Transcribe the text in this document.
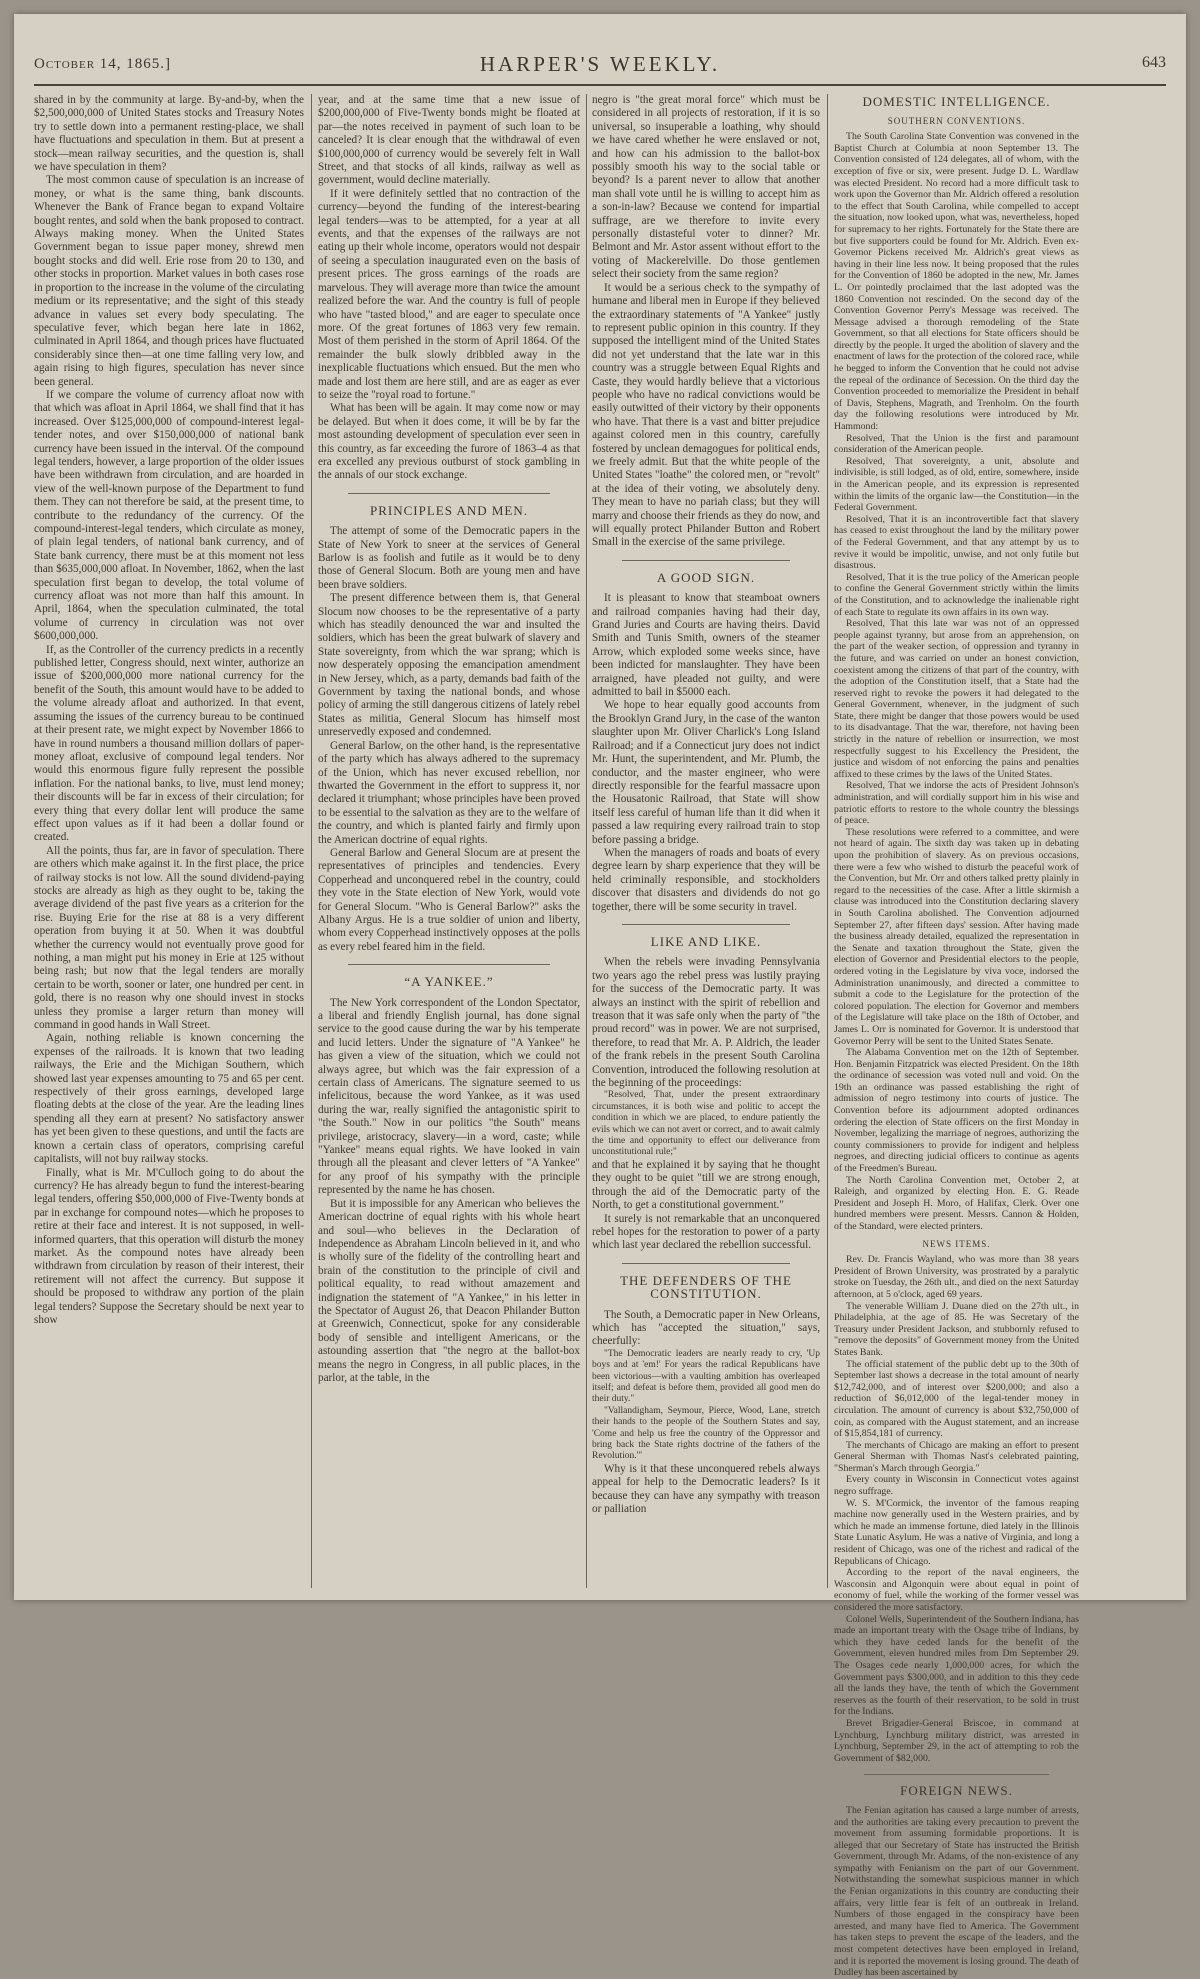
October 14, 1865.]	HARPER'S WEEKLY.	643

shared in by the community at large. By-and-by, when the $2,500,000,000 of United States stocks and Treasury Notes try to settle down into a permanent resting-place, we shall have fluctuations and speculation in them. But at present a stock—mean railway securities, and the question is, shall we have speculation in them?

The most common cause of speculation is an increase of money, or what is the same thing, bank discounts. Whenever the Bank of France began to expand Voltaire bought rentes, and sold when the bank proposed to contract. Always making money. When the United States Government began to issue paper money, shrewd men bought stocks and did well. Erie rose from 20 to 130, and other stocks in proportion. Market values in both cases rose in proportion to the increase in the volume of the circulating medium or its representative; and the sight of this steady advance in values set every body speculating. The speculative fever, which began here late in 1862, culminated in April 1864, and though prices have fluctuated considerably since then—at one time falling very low, and again rising to high figures, speculation has never since been general.

If we compare the volume of currency afloat now with that which was afloat in April 1864, we shall find that it has increased. Over $125,000,000 of compound-interest legal-tender notes, and over $150,000,000 of national bank currency have been issued in the interval. Of the compound legal tenders, however, a large proportion of the older issues have been withdrawn from circulation, and are hoarded in view of the well-known purpose of the Department to fund them. They can not therefore be said, at the present time, to contribute to the redundancy of the currency. Of the compound-interest-legal tenders, which circulate as money, of plain legal tenders, of national bank currency, and of State bank currency, there must be at this moment not less than $635,000,000 afloat. In November, 1862, when the last speculation first began to develop, the total volume of currency afloat was not more than half this amount. In April, 1864, when the speculation culminated, the total volume of currency in circulation was not over $600,000,000.

If, as the Controller of the currency predicts in a recently published letter, Congress should, next winter, authorize an issue of $200,000,000 more national currency for the benefit of the South, this amount would have to be added to the volume already afloat and authorized. In that event, assuming the issues of the currency bureau to be continued at their present rate, we might expect by November 1866 to have in round numbers a thousand million dollars of paper-money afloat, exclusive of compound legal tenders. Nor would this enormous figure fully represent the possible inflation. For the national banks, to live, must lend money; their discounts will be far in excess of their circulation; for every thing that every dollar lent will produce the same effect upon values as if it had been a dollar found or created.

All the points, thus far, are in favor of speculation. There are others which make against it. In the first place, the price of railway stocks is not low. All the sound dividend-paying stocks are already as high as they ought to be, taking the average dividend of the past five years as a criterion for the rise. Buying Erie for the rise at 88 is a very different operation from buying it at 50. When it was doubtful whether the currency would not eventually prove good for nothing, a man might put his money in Erie at 125 without being rash; but now that the legal tenders are morally certain to be worth, sooner or later, one hundred per cent. in gold, there is no reason why one should invest in stocks unless they promise a larger return than money will command in good hands in Wall Street.

Again, nothing reliable is known concerning the expenses of the railroads. It is known that two leading railways, the Erie and the Michigan Southern, which showed last year expenses amounting to 75 and 65 per cent. respectively of their gross earnings, developed large floating debts at the close of the year. Are the leading lines spending all they earn at present? No satisfactory answer has yet been given to these questions, and until the facts are known a certain class of operators, comprising careful capitalists, will not buy railway stocks.

Finally, what is Mr. M'Culloch going to do about the currency? He has already begun to fund the interest-bearing legal tenders, offering $50,000,000 of Five-Twenty bonds at par in exchange for compound notes—which he proposes to retire at their face and interest. It is not supposed, in well-informed quarters, that this operation will disturb the money market. As the compound notes have already been withdrawn from circulation by reason of their interest, their retirement will not affect the currency. But suppose it should be proposed to withdraw any portion of the plain legal tenders? Suppose the Secretary should be next year to show

year, and at the same time that a new issue of $200,000,000 of Five-Twenty bonds might be floated at par—the notes received in payment of such loan to be canceled? It is clear enough that the withdrawal of even $100,000,000 of currency would be severely felt in Wall Street, and that stocks of all kinds, railway as well as government, would decline materially.

If it were definitely settled that no contraction of the currency—beyond the funding of the interest-bearing legal tenders—was to be attempted, for a year at all events, and that the expenses of the railways are not eating up their whole income, operators would not despair of seeing a speculation inaugurated even on the basis of present prices. The gross earnings of the roads are marvelous. They will average more than twice the amount realized before the war. And the country is full of people who have "tasted blood," and are eager to speculate once more. Of the great fortunes of 1863 very few remain. Most of them perished in the storm of April 1864. Of the remainder the bulk slowly dribbled away in the inexplicable fluctuations which ensued. But the men who made and lost them are here still, and are as eager as ever to seize the "royal road to fortune."

What has been will be again. It may come now or may be delayed. But when it does come, it will be by far the most astounding development of speculation ever seen in this country, as far exceeding the furore of 1863–4 as that era excelled any previous outburst of stock gambling in the annals of our stock exchange.

PRINCIPLES AND MEN.

The attempt of some of the Democratic papers in the State of New York to sneer at the services of General Barlow is as foolish and futile as it would be to deny those of General Slocum. Both are young men and have been brave soldiers.

The present difference between them is, that General Slocum now chooses to be the representative of a party which has steadily denounced the war and insulted the soldiers, which has been the great bulwark of slavery and State sovereignty, from which the war sprang; which is now desperately opposing the emancipation amendment in New Jersey, which, as a party, demands bad faith of the Government by taxing the national bonds, and whose policy of arming the still dangerous citizens of lately rebel States as militia, General Slocum has himself most unreservedly exposed and condemned.

General Barlow, on the other hand, is the representative of the party which has always adhered to the supremacy of the Union, which has never excused rebellion, nor thwarted the Government in the effort to suppress it, nor declared it triumphant; whose principles have been proved to be essential to the salvation as they are to the welfare of the country, and which is planted fairly and firmly upon the American doctrine of equal rights.

General Barlow and General Slocum are at present the representatives of principles and tendencies. Every Copperhead and unconquered rebel in the country, could they vote in the State election of New York, would vote for General Slocum. "Who is General Barlow?" asks the Albany Argus. He is a true soldier of union and liberty, whom every Copperhead instinctively opposes at the polls as every rebel feared him in the field.

“A YANKEE.”

The New York correspondent of the London Spectator, a liberal and friendly English journal, has done signal service to the good cause during the war by his temperate and lucid letters. Under the signature of "A Yankee" he has given a view of the situation, which we could not always agree, but which was the fair expression of a certain class of Americans. The signature seemed to us infelicitous, because the word Yankee, as it was used during the war, really signified the antagonistic spirit to "the South." Now in our politics "the South" means privilege, aristocracy, slavery—in a word, caste; while "Yankee" means equal rights. We have looked in vain through all the pleasant and clever letters of "A Yankee" for any proof of his sympathy with the principle represented by the name he has chosen.

But it is impossible for any American who believes the American doctrine of equal rights with his whole heart and soul—who believes in the Declaration of Independence as Abraham Lincoln believed in it, and who is wholly sure of the fidelity of the controlling heart and brain of the constitution to the principle of civil and political equality, to read without amazement and indignation the statement of "A Yankee," in his letter in the Spectator of August 26, that Deacon Philander Button at Greenwich, Connecticut, spoke for any considerable body of sensible and intelligent Americans, or the astounding assertion that "the negro at the ballot-box means the negro in Congress, in all public places, in the parlor, at the table, in the

negro is "the great moral force" which must be considered in all projects of restoration, if it is so universal, so insuperable a loathing, why should we have cared whether he were enslaved or not, and how can his admission to the ballot-box possibly smooth his way to the social table or beyond? Is a parent never to allow that another man shall vote until he is willing to accept him as a son-in-law? Because we contend for impartial suffrage, are we therefore to invite every personally distasteful voter to dinner? Mr. Belmont and Mr. Astor assent without effort to the voting of Mackerelville. Do those gentlemen select their society from the same region?

It would be a serious check to the sympathy of humane and liberal men in Europe if they believed the extraordinary statements of "A Yankee" justly to represent public opinion in this country. If they supposed the intelligent mind of the United States did not yet understand that the late war in this country was a struggle between Equal Rights and Caste, they would hardly believe that a victorious people who have no radical convictions would be easily outwitted of their victory by their opponents who have. That there is a vast and bitter prejudice against colored men in this country, carefully fostered by unclean demagogues for political ends, we freely admit. But that the white people of the United States "loathe" the colored men, or "revolt" at the idea of their voting, we absolutely deny. They mean to have no pariah class; but they will marry and choose their friends as they do now, and will equally protect Philander Button and Robert Small in the exercise of the same privilege.

A GOOD SIGN.

It is pleasant to know that steamboat owners and railroad companies having had their day, Grand Juries and Courts are having theirs. David Smith and Tunis Smith, owners of the steamer Arrow, which exploded some weeks since, have been indicted for manslaughter. They have been arraigned, have pleaded not guilty, and were admitted to bail in $5000 each.

We hope to hear equally good accounts from the Brooklyn Grand Jury, in the case of the wanton slaughter upon Mr. Oliver Charlick's Long Island Railroad; and if a Connecticut jury does not indict Mr. Hunt, the superintendent, and Mr. Plumb, the conductor, and the master engineer, who were directly responsible for the fearful massacre upon the Housatonic Railroad, that State will show itself less careful of human life than it did when it passed a law requiring every railroad train to stop before passing a bridge.

When the managers of roads and boats of every degree learn by sharp experience that they will be held criminally responsible, and stockholders discover that disasters and dividends do not go together, there will be some security in travel.

LIKE AND LIKE.

When the rebels were invading Pennsylvania two years ago the rebel press was lustily praying for the success of the Democratic party. It was always an instinct with the spirit of rebellion and treason that it was safe only when the party of "the proud record" was in power. We are not surprised, therefore, to read that Mr. A. P. Aldrich, the leader of the frank rebels in the present South Carolina Convention, introduced the following resolution at the beginning of the proceedings:

"Resolved, That, under the present extraordinary circumstances, it is both wise and politic to accept the condition in which we are placed, to endure patiently the evils which we can not avert or correct, and to await calmly the time and opportunity to effect our deliverance from unconstitutional rule;"

and that he explained it by saying that he thought they ought to be quiet "till we are strong enough, through the aid of the Democratic party of the North, to get a constitutional government."

It surely is not remarkable that an unconquered rebel hopes for the restoration to power of a party which last year declared the rebellion successful.

THE DEFENDERS OF THE CONSTITUTION.

The South, a Democratic paper in New Orleans, which has "accepted the situation," says, cheerfully:

"The Democratic leaders are nearly ready to cry, 'Up boys and at 'em!' For years the radical Republicans have been victorious—with a vaulting ambition has overleaped itself; and defeat is before them, provided all good men do their duty."

"Vallandigham, Seymour, Pierce, Wood, Lane, stretch their hands to the people of the Southern States and say, 'Come and help us free the country of the Oppressor and bring back the State rights doctrine of the fathers of the Revolution.'"

Why is it that these unconquered rebels always appeal for help to the Democratic leaders? Is it because they can have any sympathy with treason or palliation

DOMESTIC INTELLIGENCE.
SOUTHERN CONVENTIONS.

The South Carolina State Convention was convened in the Baptist Church at Columbia at noon September 13. The Convention consisted of 124 delegates, all of whom, with the exception of five or six, were present. Judge D. L. Wardlaw was elected President. No record had a more difficult task to work upon the Governor than Mr. Aldrich offered a resolution to the effect that South Carolina, while compelled to accept the situation, now looked upon, what was, nevertheless, hoped for supremacy to her rights. Fortunately for the State there are but five supporters could be found for Mr. Aldrich. Even ex-Governor Pickens received Mr. Aldrich's great views as having in their line less now. It being proposed that the rules for the Convention of 1860 be adopted in the new, Mr. James L. Orr pointedly proclaimed that the last adopted was the 1860 Convention not rescinded. On the second day of the Convention Governor Perry's Message was received. The Message advised a thorough remodeling of the State Government, so that all elections for State officers should be directly by the people. It urged the abolition of slavery and the enactment of laws for the protection of the colored race, while he begged to inform the Convention that he could not advise the repeal of the ordinance of Secession. On the third day the Convention proceeded to memorialize the President in behalf of Davis, Stephens, Magrath, and Trenholm. On the fourth day the following resolutions were introduced by Mr. Hammond:

Resolved, That the Union is the first and paramount consideration of the American people.

Resolved, That sovereignty, a unit, absolute and indivisible, is still lodged, as of old, entire, somewhere, inside in the American people, and its expression is represented within the limits of the organic law—the Constitution—in the Federal Government.

Resolved, That it is an incontrovertible fact that slavery has ceased to exist throughout the land by the military power of the Federal Government, and that any attempt by us to revive it would be impolitic, unwise, and not only futile but disastrous.

Resolved, That it is the true policy of the American people to confine the General Government strictly within the limits of the Constitution, and to acknowledge the inalienable right of each State to regulate its own affairs in its own way.

Resolved, That this late war was not of an oppressed people against tyranny, but arose from an apprehension, on the part of the weaker section, of oppression and tyranny in the future, and was carried on under an honest conviction, coexistent among the citizens of that part of the country, with the adoption of the Constitution itself, that a State had the reserved right to revoke the powers it had delegated to the General Government, whenever, in the judgment of such State, there might be danger that those powers would be used to its disadvantage. That the war, therefore, not having been strictly in the nature of rebellion or insurrection, we most respectfully suggest to his Excellency the President, the justice and wisdom of not enforcing the pains and penalties affixed to these crimes by the laws of the United States.

Resolved, That we indorse the acts of President Johnson's administration, and will cordially support him in his wise and patriotic efforts to restore to the whole country the blessings of peace.

These resolutions were referred to a committee, and were not heard of again. The sixth day was taken up in debating upon the prohibition of slavery. As on previous occasions, there were a few who wished to disturb the peaceful work of the Convention, but Mr. Orr and others talked pretty plainly in regard to the necessities of the case. After a little skirmish a clause was introduced into the Constitution declaring slavery in South Carolina abolished. The Convention adjourned September 27, after fifteen days' session. After having made the business already detailed, equalized the representation in the Senate and taxation throughout the State, given the election of Governor and Presidential electors to the people, ordered voting in the Legislature by viva voce, indorsed the Administration unanimously, and directed a committee to submit a code to the Legislature for the protection of the colored population. The election for Governor and members of the Legislature will take place on the 18th of October, and James L. Orr is nominated for Governor. It is understood that Governor Perry will be sent to the United States Senate.

The Alabama Convention met on the 12th of September. Hon. Benjamin Fitzpatrick was elected President. On the 18th the ordinance of secession was voted null and void. On the 19th an ordinance was passed establishing the right of admission of negro testimony into courts of justice. The Convention before its adjournment adopted ordinances ordering the election of State officers on the first Monday in November, legalizing the marriage of negroes, authorizing the county commissioners to provide for indigent and helpless negroes, and directing judicial officers to continue as agents of the Freedmen's Bureau.

The North Carolina Convention met, October 2, at Raleigh, and organized by electing Hon. E. G. Reade President and Joseph H. Moro, of Halifax, Clerk. Over one hundred members were present. Messrs. Cannon & Holden, of the Standard, were elected printers.

NEWS ITEMS.

Rev. Dr. Francis Wayland, who was more than 38 years President of Brown University, was prostrated by a paralytic stroke on Tuesday, the 26th ult., and died on the next Saturday afternoon, at 5 o'clock, aged 69 years.

The venerable William J. Duane died on the 27th ult., in Philadelphia, at the age of 85. He was Secretary of the Treasury under President Jackson, and stubbornly refused to "remove the deposits" of Government money from the United States Bank.

The official statement of the public debt up to the 30th of September last shows a decrease in the total amount of nearly $12,742,000, and of interest over $200,000; and also a reduction of $6,012,000 of the legal-tender money in circulation. The amount of currency is about $32,750,000 of coin, as compared with the August statement, and an increase of $15,854,181 of currency.

The merchants of Chicago are making an effort to present General Sherman with Thomas Nast's celebrated painting, "Sherman's March through Georgia."

Every county in Wisconsin in Connecticut votes against negro suffrage.

W. S. M'Cormick, the inventor of the famous reaping machine now generally used in the Western prairies, and by which he made an immense fortune, died lately in the Illinois State Lunatic Asylum. He was a native of Virginia, and long a resident of Chicago, was one of the richest and radical of the Republicans of Chicago.

According to the report of the naval engineers, the Wasconsin and Algonquin were about equal in point of economy of fuel, while the working of the former vessel was considered the more satisfactory.

Colonel Wells, Superintendent of the Southern Indiana, has made an important treaty with the Osage tribe of Indians, by which they have ceded lands for the benefit of the Government, eleven hundred miles from Dm September 29. The Osages cede nearly 1,000,000 acres, for which the Government pays $300,000, and in addition to this they cede all the lands they have, the tenth of which the Government reserves as the fourth of their reservation, to be sold in trust for the Indians.

Brevet Brigadier-General Briscoe, in command at Lynchburg, Lynchburg military district, was arrested in Lynchburg, September 29, in the act of attempting to rob the Government of $82,000.

FOREIGN NEWS.

The Fenian agitation has caused a large number of arrests, and the authorities are taking every precaution to prevent the movement from assuming formidable proportions. It is alleged that our Secretary of State has instructed the British Government, through Mr. Adams, of the non-existence of any sympathy with Fenianism on the part of our Government. Notwithstanding the somewhat suspicious manner in which the Fenian organizations in this country are conducting their affairs, very little fear is felt of an outbreak in Ireland. Numbers of those engaged in the conspiracy have been arrested, and many have fled to America. The Government has taken steps to prevent the escape of the leaders, and the most competent detectives have been employed in Ireland, and it is reported the movement is losing ground. The death of Dudley has been ascertained by
